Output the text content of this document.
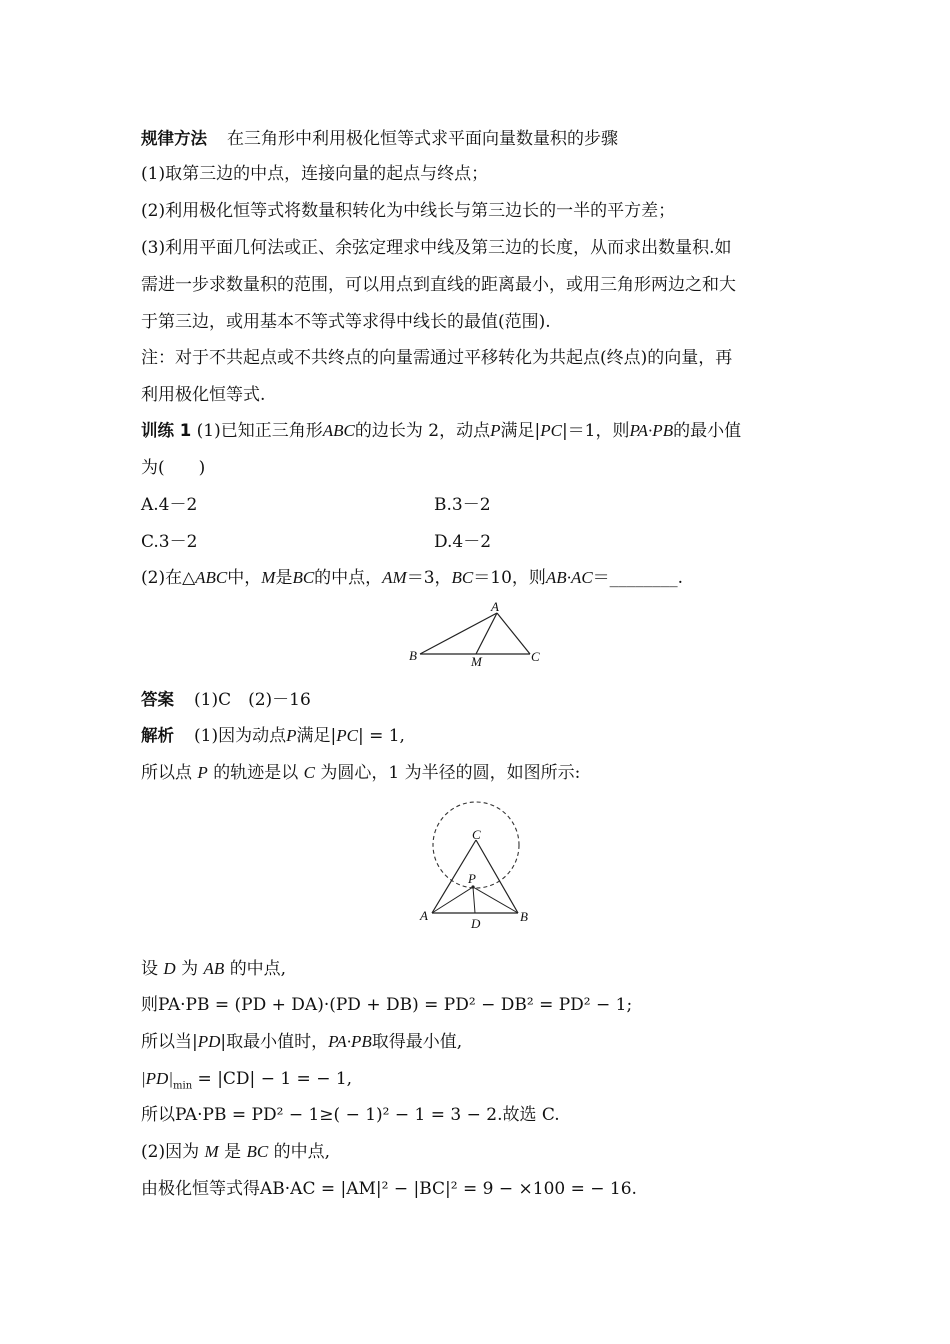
规律方法 在三角形中利用极化恒等式求平面向量数量积的步骤
(1)取第三边的中点，连接向量的起点与终点；
(2)利用极化恒等式将数量积转化为中线长与第三边长的一半的平方差；
(3)利用平面几何法或正、余弦定理求中线及第三边的长度，从而求出数量积.如
需进一步求数量积的范围，可以用点到直线的距离最小，或用三角形两边之和大
于第三边，或用基本不等式等求得中线长的最值(范围).
注：对于不共起点或不共终点的向量需通过平移转化为共起点(终点)的向量，再
利用极化恒等式.
训练 1 (1)已知正三角形ABC的边长为 2，动点P满足|PC|＝1，则PA·PB的最小值
为(　　)
A.4－2	B.3－2
C.3－2	D.4－2
(2)在△ABC中，M是BC的中点，AM＝3，BC＝10，则AB·AC＝________.
A
B	C
M
答案 (1)C　(2)－16
解析 (1)因为动点P满足|PC| = 1,
所以点 P 的轨迹是以 C 为圆心，1 为半径的圆，如图所示:
C
P
A	B
D
设 D 为 AB 的中点,
则PA·PB = (PD + DA)·(PD + DB) = PD² − DB² = PD² − 1;
所以当|PD|取最小值时，PA·PB取得最小值,
$|PD|_{min} = |CD| - 1$ = − 1,
所以PA·PB = PD² − 1≥( − 1)² − 1 = 3 − 2.故选 C.
(2)因为 M 是 BC 的中点,
由极化恒等式得AB·AC = |AM|² − |BC|² = 9 − ×100 = − 16.
